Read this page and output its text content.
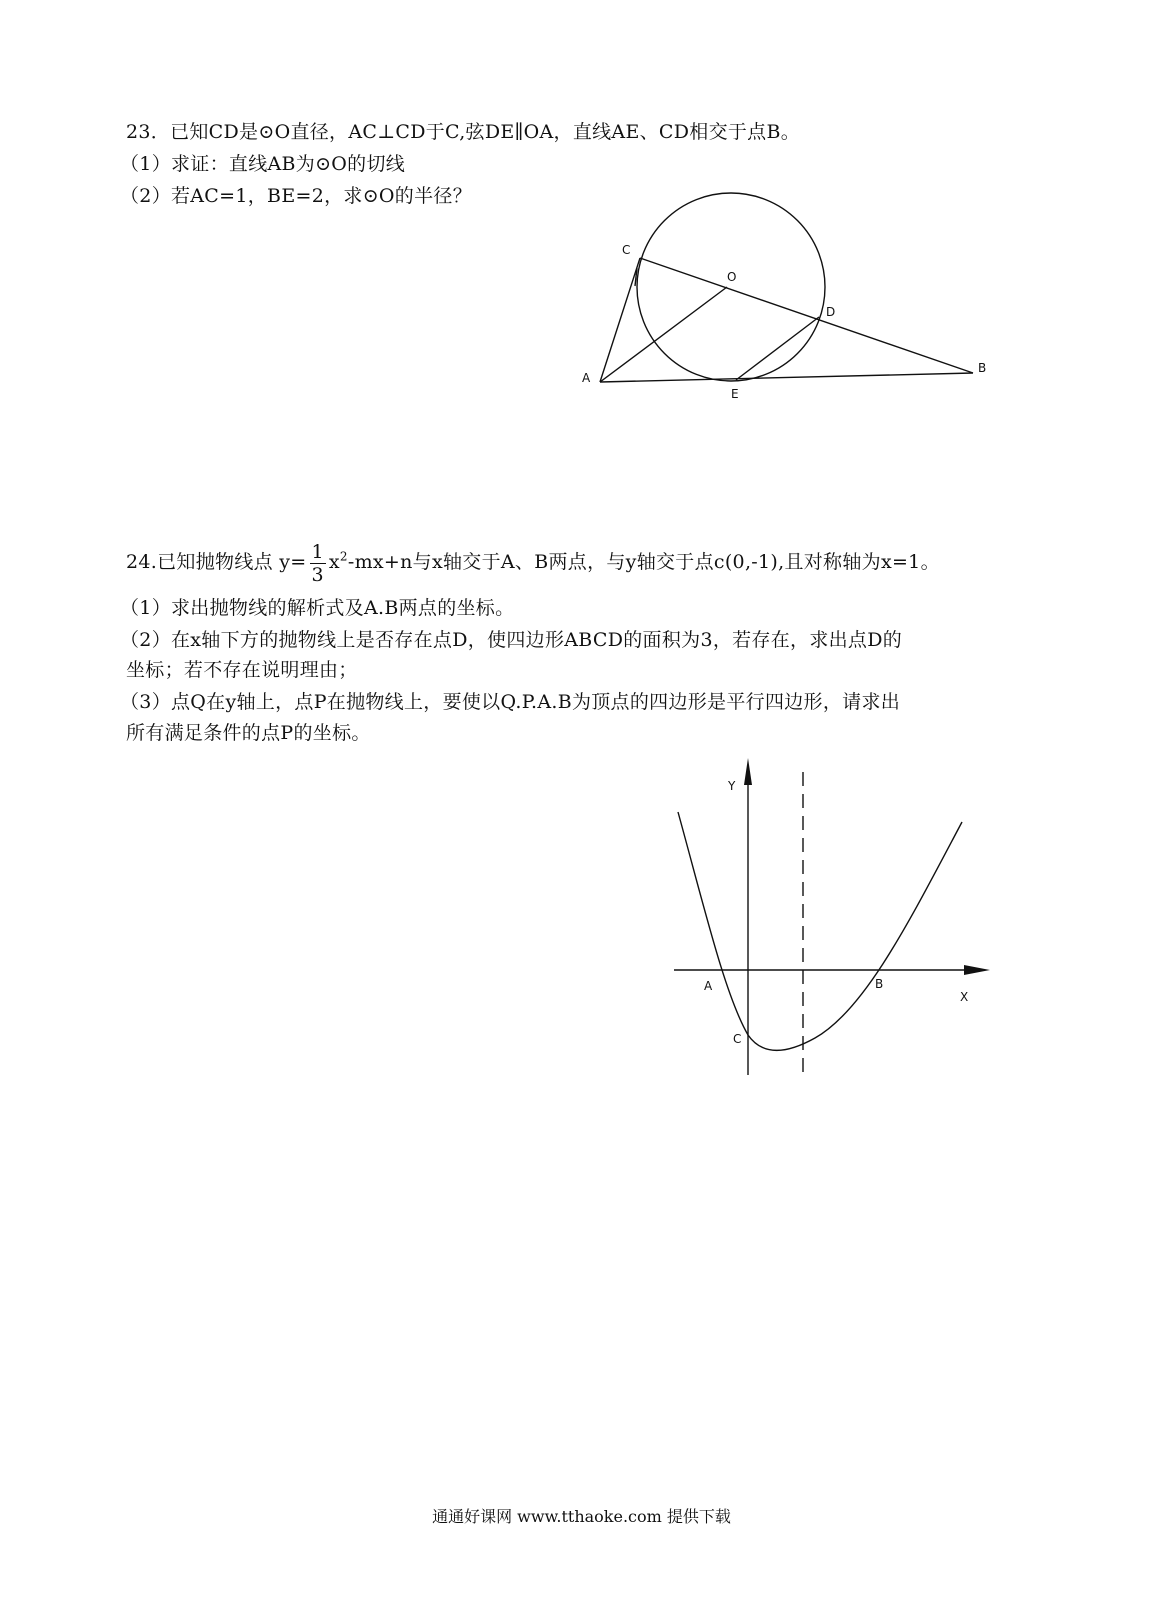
23．已知CD是⊙O直径，AC⊥CD于C,弦DE∥OA，直线AE、CD相交于点B。
（1）求证：直线AB为⊙O的切线
（2）若AC=1，BE=2，求⊙O的半径？
C
O
D
A
E
B
24.已知抛物线点 $y= \frac{1}{3} x^2-mx+n$与x轴交于A、B两点，与y轴交于点c(0,-1),且对称轴为x=1。
（1）求出抛物线的解析式及A.B两点的坐标。
（2）在x轴下方的抛物线上是否存在点D，使四边形ABCD的面积为3，若存在，求出点D的
坐标；若不存在说明理由；
（3）点Q在y轴上，点P在抛物线上，要使以Q.P.A.B为顶点的四边形是平行四边形，请求出
所有满足条件的点P的坐标。
Y
X
A	B
C
通通好课网 www.tthaoke.com 提供下载
